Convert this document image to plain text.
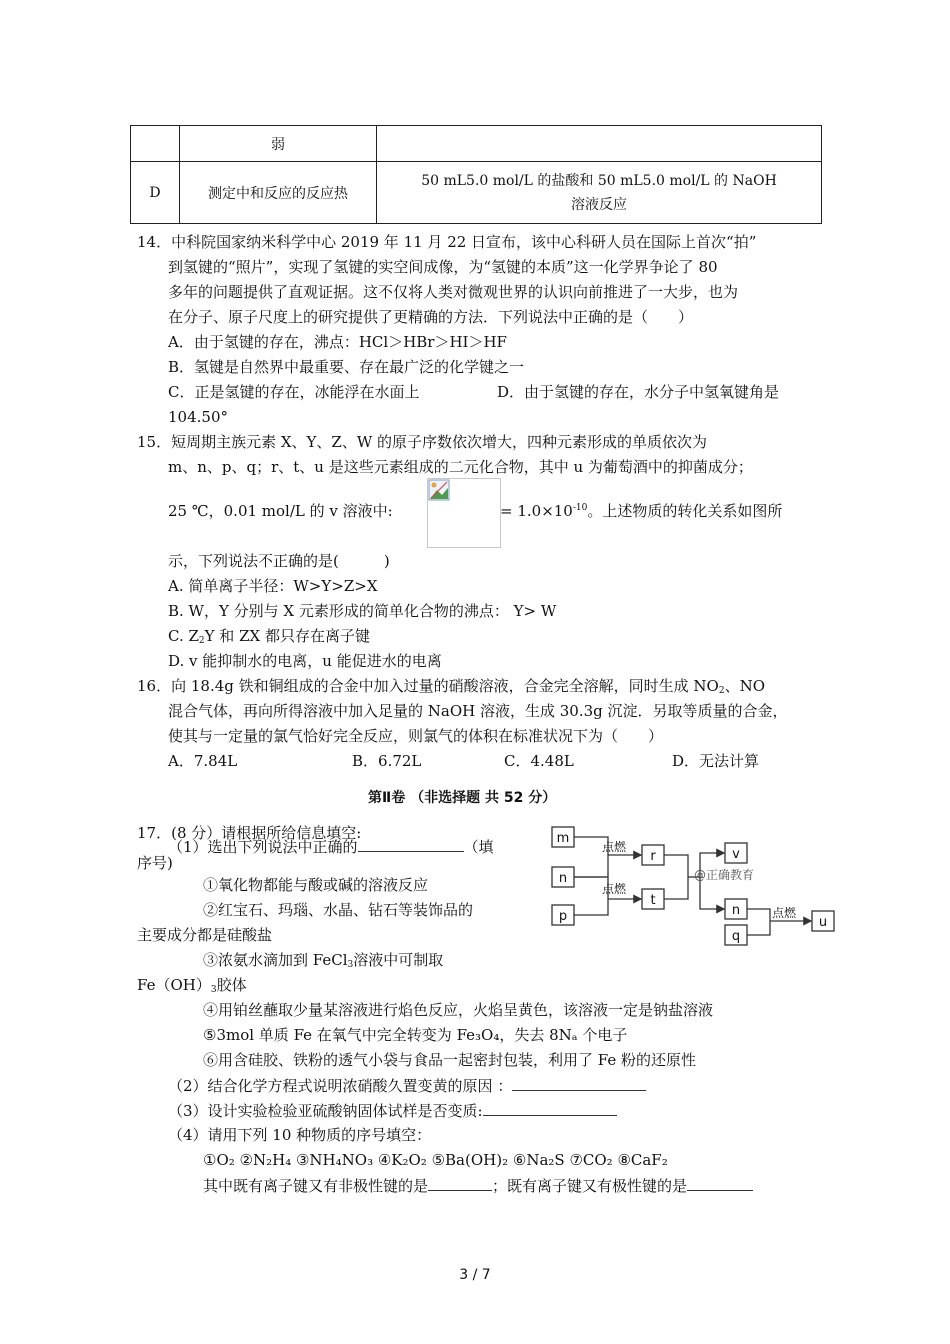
	弱	
D	测定中和反应的反应热	50 mL5.0 mol/L 的盐酸和 50 mL5.0 mol/L 的 NaOH
溶液反应
14．中科院国家纳米科学中心 2019 年 11 月 22 日宣布，该中心科研人员在国际上首次“拍”
到氢键的“照片”，实现了氢键的实空间成像，为“氢键的本质”这一化学界争论了 80
多年的问题提供了直观证据。这不仅将人类对微观世界的认识向前推进了一大步，也为
在分子、原子尺度上的研究提供了更精确的方法．下列说法中正确的是（　　）
A．由于氢键的存在，沸点：HCl＞HBr＞HI＞HF
B．氢键是自然界中最重要、存在最广泛的化学键之一
C．正是氢键的存在，冰能浮在水面上	D．由于氢键的存在，水分子中氢氧键角是
104.50°
15．短周期主族元素 X、Y、Z、W 的原子序数依次增大，四种元素形成的单质依次为
m、n、p、q；r、t、u 是这些元素组成的二元化合物，其中 u 为葡萄酒中的抑菌成分；
25 ℃，0.01 mol/L 的 v 溶液中:	= $1.0\times 10^{-10}$。上述物质的转化关系如图所
示，下列说法不正确的是(　　　)
A. 简单离子半径：W>Y>Z>X
B. W，Y 分别与 X 元素形成的简单化合物的沸点： Y> W
C. $Z_2Y$ 和 ZX 都只存在离子键
D. v 能抑制水的电离，u 能促进水的电离
16．向 18.4g 铁和铜组成的合金中加入过量的硝酸溶液，合金完全溶解，同时生成 $NO_2$、NO
混合气体，再向所得溶液中加入足量的 NaOH 溶液，生成 30.3g 沉淀．另取等质量的合金，
使其与一定量的氯气恰好完全反应，则氯气的体积在标准状况下为（　　）
A．7.84L	B．6.72L	C．4.48L	D．无法计算
第Ⅱ卷 （非选择题 共 52 分）
17．(8 分）请根据所给信息填空:
（1）选出下列说法中正确的	（填
序号)
①氧化物都能与酸或碱的溶液反应
②红宝石、玛瑙、水晶、钻石等装饰品的
主要成分都是硅酸盐
③浓氨水滴加到 FeCl$_3$溶液中可制取
$Fe(OH)_3$胶体
④用铂丝蘸取少量某溶液进行焰色反应，火焰呈黄色，该溶液一定是钠盐溶液
⑤3mol 单质 Fe 在氧气中完全转变为 Fe₃O₄，失去 8Nₐ 个电子
⑥用含硅胶、铁粉的透气小袋与食品一起密封包装，利用了 Fe 粉的还原性
（2）结合化学方程式说明浓硝酸久置变黄的原因 ：
（3）设计实验检验亚硫酸钠固体试样是否变质:
（4）请用下列 10 种物质的序号填空：
①O₂ ②N₂H₄ ③NH₄NO₃ ④K₂O₂ ⑤Ba(OH)₂ ⑥Na₂S ⑦CO₂ ⑧CaF₂
其中既有离子键又有非极性键的是	；既有离子键又有极性键的是
m
n
p
r
t
v
n
q
u
点燃
点燃
点燃
@正确教育
3 / 7
